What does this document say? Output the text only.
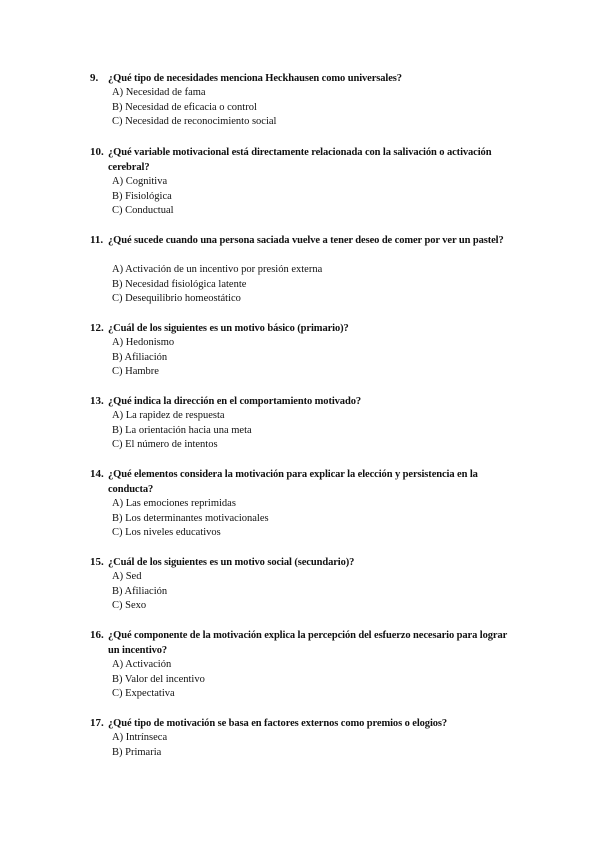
9. ¿Qué tipo de necesidades menciona Heckhausen como universales?
A) Necesidad de fama
B) Necesidad de eficacia o control
C) Necesidad de reconocimiento social
10. ¿Qué variable motivacional está directamente relacionada con la salivación o activación cerebral?
A) Cognitiva
B) Fisiológica
C) Conductual
11. ¿Qué sucede cuando una persona saciada vuelve a tener deseo de comer por ver un pastel?
A) Activación de un incentivo por presión externa
B) Necesidad fisiológica latente
C) Desequilibrio homeostático
12. ¿Cuál de los siguientes es un motivo básico (primario)?
A) Hedonismo
B) Afiliación
C) Hambre
13. ¿Qué indica la dirección en el comportamiento motivado?
A) La rapidez de respuesta
B) La orientación hacia una meta
C) El número de intentos
14. ¿Qué elementos considera la motivación para explicar la elección y persistencia en la conducta?
A) Las emociones reprimidas
B) Los determinantes motivacionales
C) Los niveles educativos
15. ¿Cuál de los siguientes es un motivo social (secundario)?
A) Sed
B) Afiliación
C) Sexo
16. ¿Qué componente de la motivación explica la percepción del esfuerzo necesario para lograr un incentivo?
A) Activación
B) Valor del incentivo
C) Expectativa
17. ¿Qué tipo de motivación se basa en factores externos como premios o elogios?
A) Intrínseca
B) Primaria
